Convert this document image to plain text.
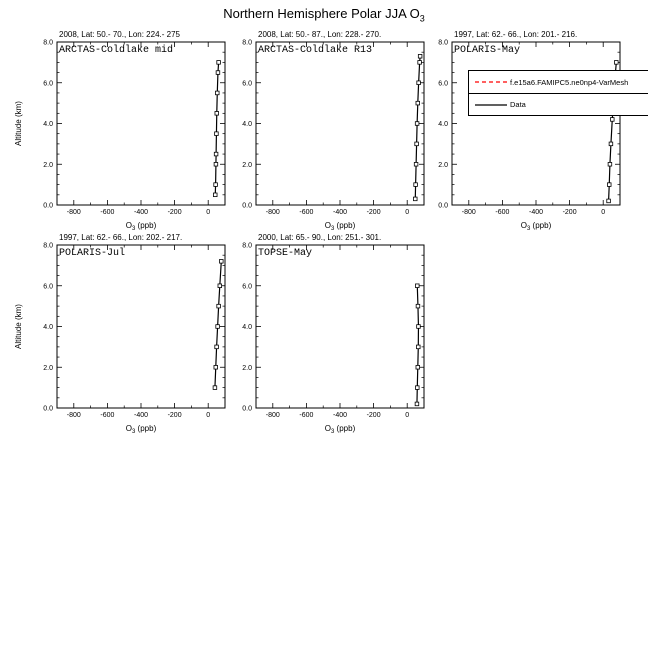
Northern Hemisphere Polar JJA $O_3$
2008, Lat: 50.- 70., Lon: 224.- 275
-800	-600	-400	-200	0
0.0
2.0
4.0
6.0
8.0
$O_3$ (ppb)
Altitude (km)
ARCTAS-Coldlake mid
2008, Lat: 50.- 87., Lon: 228.- 270.
-800	-600	-400	-200	0
0.0
2.0
4.0
6.0
8.0
$O_3$ (ppb)
ARCTAS-Coldlake R13
1997, Lat: 62.- 66., Lon: 201.- 216.
-800	-600	-400	-200	0
0.0
2.0
4.0
6.0
8.0
$O_3$ (ppb)
POLARIS-May
1997, Lat: 62.- 66., Lon: 202.- 217.
-800	-600	-400	-200	0
0.0
2.0
4.0
6.0
8.0
$O_3$ (ppb)
Altitude (km)
POLARIS-Jul
2000, Lat: 65.- 90., Lon: 251.- 301.
-800	-600	-400	-200	0
0.0
2.0
4.0
6.0
8.0
$O_3$ (ppb)
TOPSE-May
f.e15a6.FAMIPC5.ne0np4-VarMesh
Data
